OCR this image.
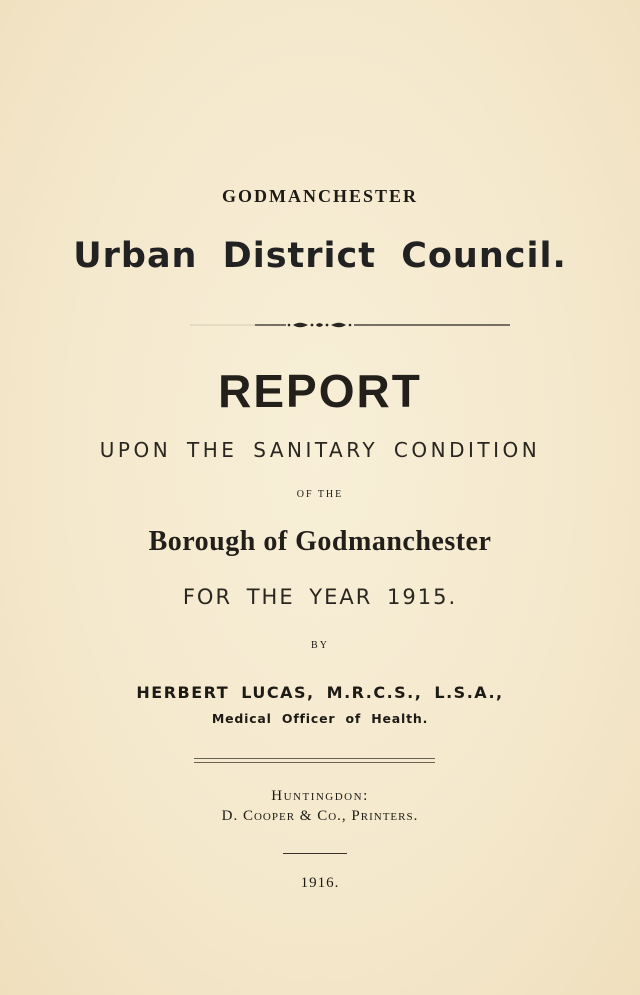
GODMANCHESTER
Urban District Council.
REPORT
UPON THE SANITARY CONDITION
OF THE
Borough of Godmanchester
FOR THE YEAR 1915.
BY
HERBERT LUCAS, M.R.C.S., L.S.A.,
Medical Officer of Health.
Huntingdon:
D. Cooper & Co., Printers.
1916.
